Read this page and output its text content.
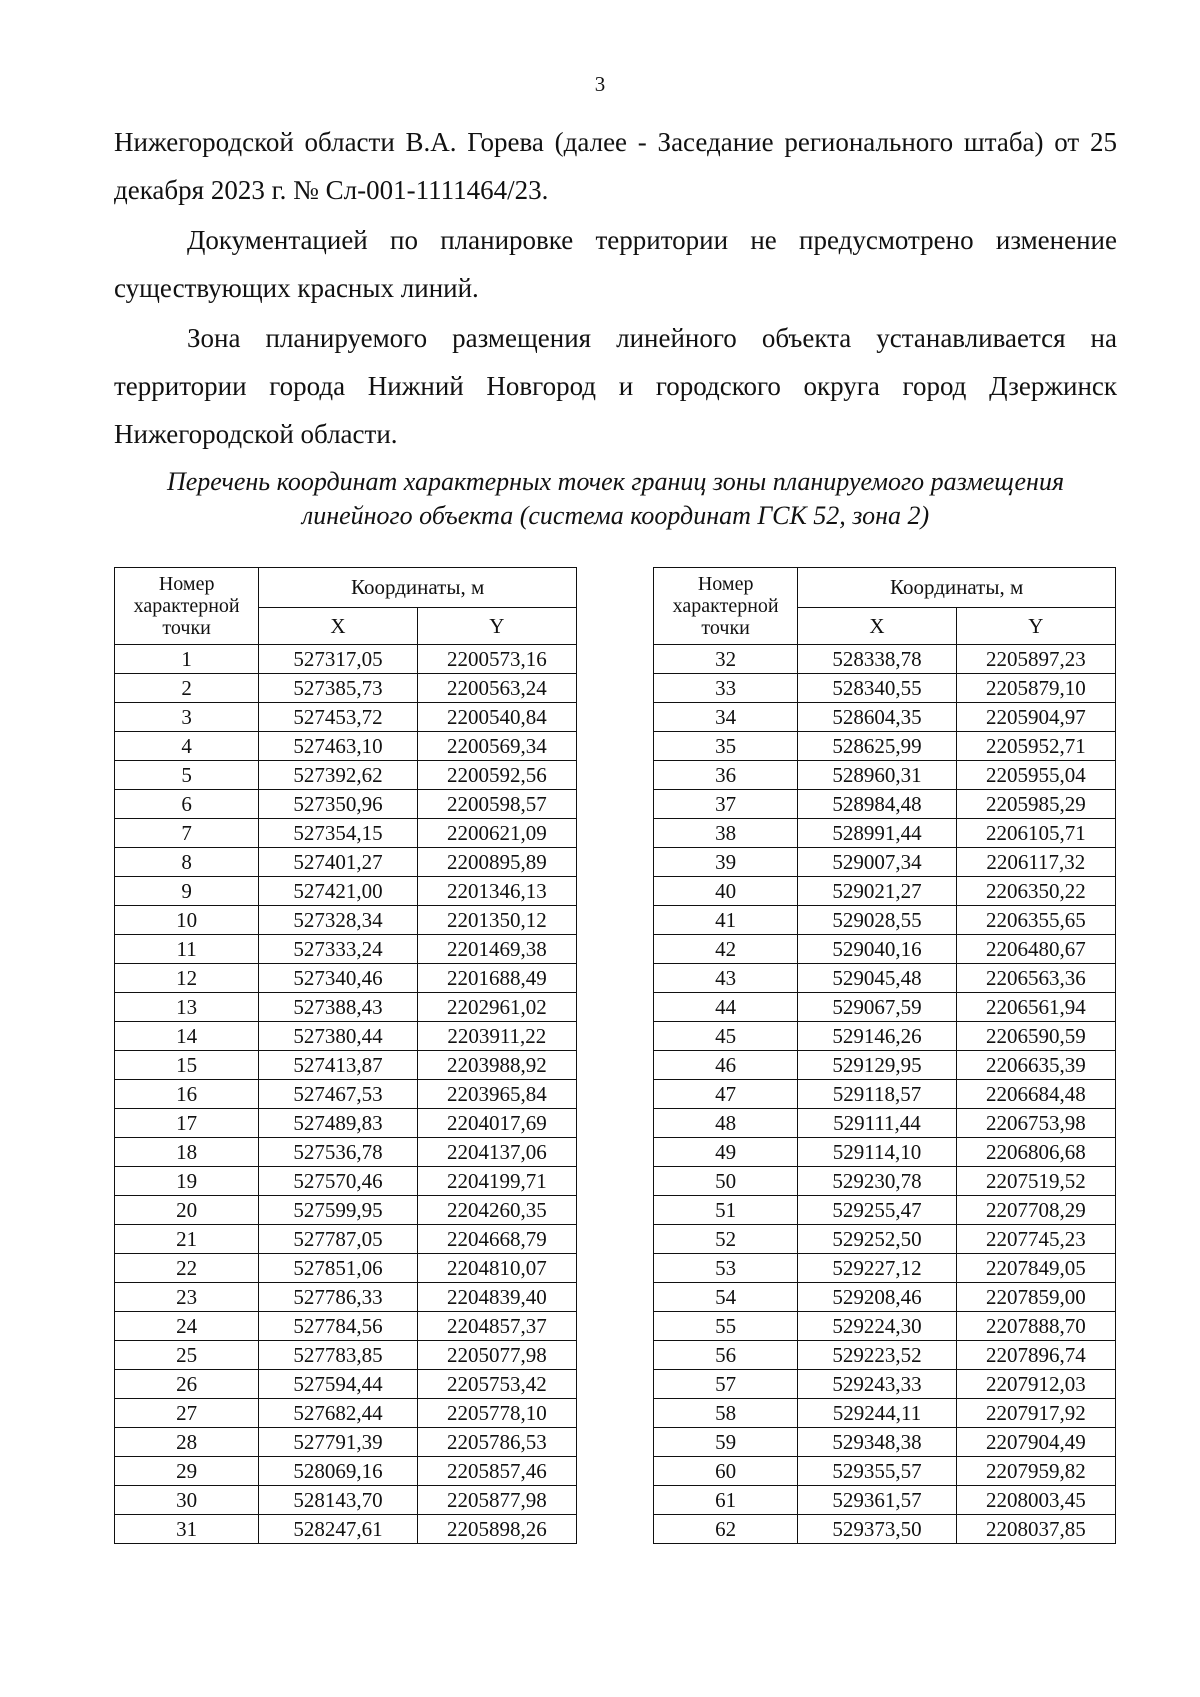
3
Нижегородской области В.А. Горева (далее - Заседание регионального штаба) от 25 декабря 2023 г. № Сл-001-1111464/23.
Документацией по планировке территории не предусмотрено изменение существующих красных линий.
Зона планируемого размещения линейного объекта устанавливается на территории города Нижний Новгород и городского округа город Дзержинск Нижегородской области.
Перечень координат характерных точек границ зоны планируемого размещения
линейного объекта (система координат ГСК 52, зона 2)
Номер характерной точки	Координаты, м	
	X	Y
1	527317,05	2200573,16
2	527385,73	2200563,24
3	527453,72	2200540,84
4	527463,10	2200569,34
5	527392,62	2200592,56
6	527350,96	2200598,57
7	527354,15	2200621,09
8	527401,27	2200895,89
9	527421,00	2201346,13
10	527328,34	2201350,12
11	527333,24	2201469,38
12	527340,46	2201688,49
13	527388,43	2202961,02
14	527380,44	2203911,22
15	527413,87	2203988,92
16	527467,53	2203965,84
17	527489,83	2204017,69
18	527536,78	2204137,06
19	527570,46	2204199,71
20	527599,95	2204260,35
21	527787,05	2204668,79
22	527851,06	2204810,07
23	527786,33	2204839,40
24	527784,56	2204857,37
25	527783,85	2205077,98
26	527594,44	2205753,42
27	527682,44	2205778,10
28	527791,39	2205786,53
29	528069,16	2205857,46
30	528143,70	2205877,98
31	528247,61	2205898,26
Номер характерной точки	Координаты, м	
	X	Y
32	528338,78	2205897,23
33	528340,55	2205879,10
34	528604,35	2205904,97
35	528625,99	2205952,71
36	528960,31	2205955,04
37	528984,48	2205985,29
38	528991,44	2206105,71
39	529007,34	2206117,32
40	529021,27	2206350,22
41	529028,55	2206355,65
42	529040,16	2206480,67
43	529045,48	2206563,36
44	529067,59	2206561,94
45	529146,26	2206590,59
46	529129,95	2206635,39
47	529118,57	2206684,48
48	529111,44	2206753,98
49	529114,10	2206806,68
50	529230,78	2207519,52
51	529255,47	2207708,29
52	529252,50	2207745,23
53	529227,12	2207849,05
54	529208,46	2207859,00
55	529224,30	2207888,70
56	529223,52	2207896,74
57	529243,33	2207912,03
58	529244,11	2207917,92
59	529348,38	2207904,49
60	529355,57	2207959,82
61	529361,57	2208003,45
62	529373,50	2208037,85
